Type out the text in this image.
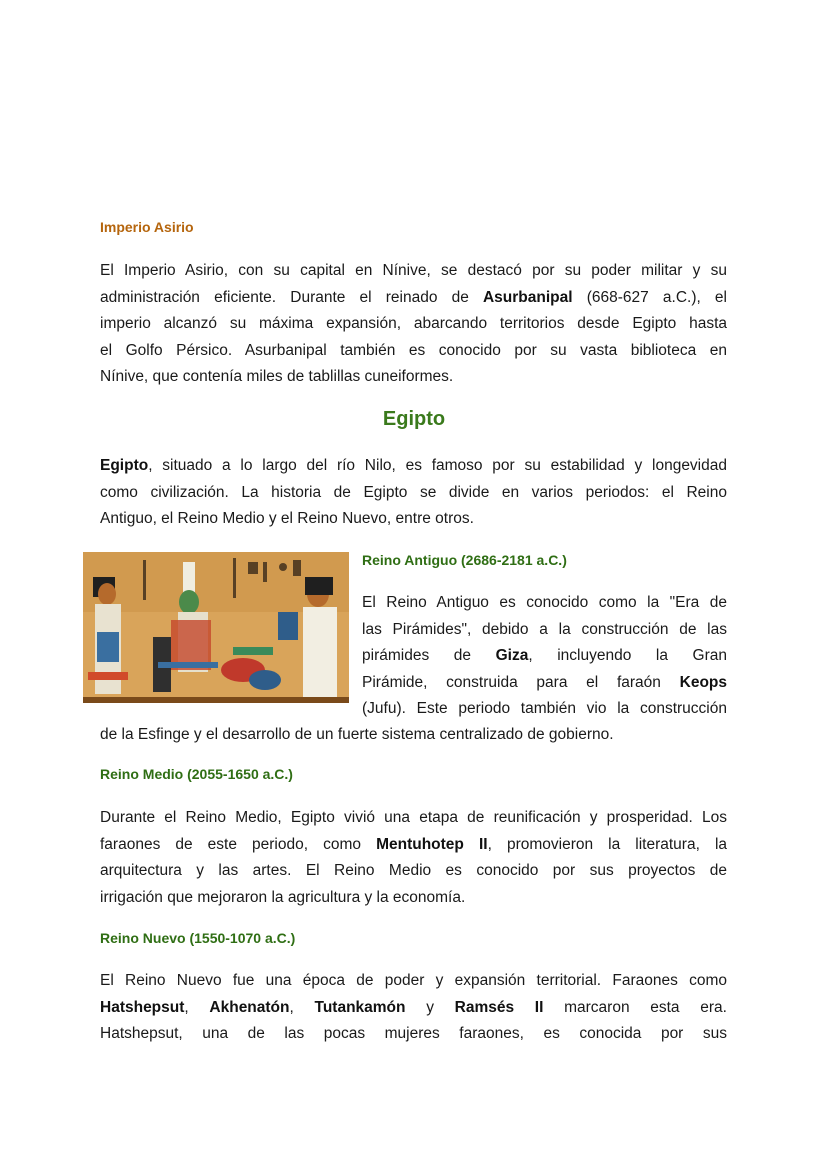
Imperio Asirio
El Imperio Asirio, con su capital en Nínive, se destacó por su poder militar y su
administración eficiente. Durante el reinado de Asurbanipal (668-627 a.C.), el
imperio alcanzó su máxima expansión, abarcando territorios desde Egipto hasta
el Golfo Pérsico. Asurbanipal también es conocido por su vasta biblioteca en
Nínive, que contenía miles de tablillas cuneiformes.
Egipto
Egipto, situado a lo largo del río Nilo, es famoso por su estabilidad y longevidad
como civilización. La historia de Egipto se divide en varios periodos: el Reino
Antiguo, el Reino Medio y el Reino Nuevo, entre otros.
Reino Antiguo (2686-2181 a.C.)
El Reino Antiguo es conocido como la "Era de
las Pirámides", debido a la construcción de las
pirámides de Giza, incluyendo la Gran
Pirámide, construida para el faraón Keops
(Jufu). Este periodo también vio la construcción
de la Esfinge y el desarrollo de un fuerte sistema centralizado de gobierno.
Reino Medio (2055-1650 a.C.)
Durante el Reino Medio, Egipto vivió una etapa de reunificación y prosperidad. Los
faraones de este periodo, como Mentuhotep II, promovieron la literatura, la
arquitectura y las artes. El Reino Medio es conocido por sus proyectos de
irrigación que mejoraron la agricultura y la economía.
Reino Nuevo (1550-1070 a.C.)
El Reino Nuevo fue una época de poder y expansión territorial. Faraones como
Hatshepsut, Akhenatón, Tutankamón y Ramsés II marcaron esta era.
Hatshepsut, una de las pocas mujeres faraones, es conocida por sus
